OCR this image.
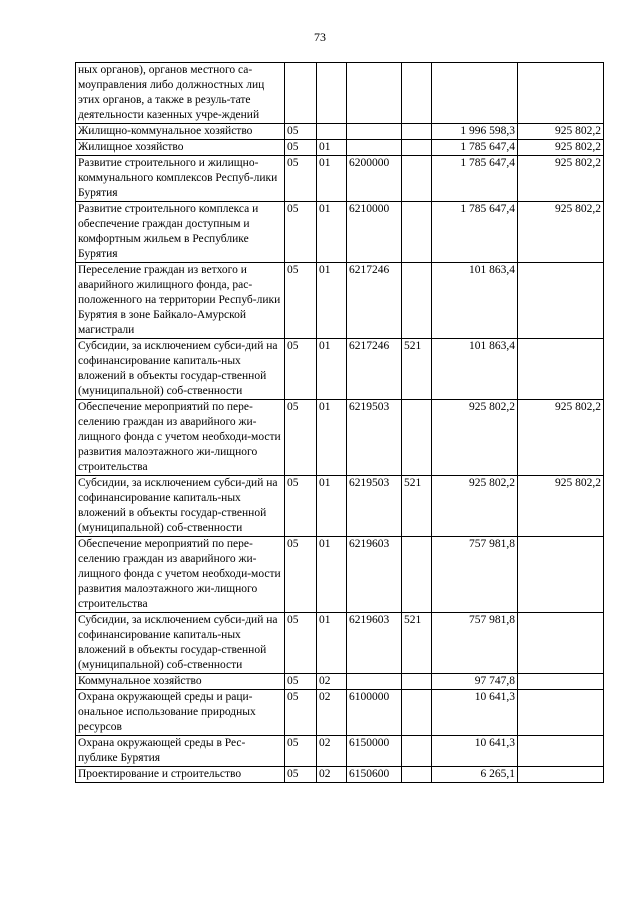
73
ных органов), органов местного са-моуправления либо должностных лиц этих органов, а также в резуль-тате деятельности казенных учре-ждений						
Жилищно-коммунальное хозяйство	05				1 996 598,3	925 802,2
Жилищное хозяйство	05	01			1 785 647,4	925 802,2
Развитие строительного и жилищно-коммунального комплексов Респуб-лики Бурятия	05	01	6200000		1 785 647,4	925 802,2
Развитие строительного комплекса и обеспечение граждан доступным и комфортным жильем в Республике Бурятия	05	01	6210000		1 785 647,4	925 802,2
Переселение граждан из ветхого и аварийного жилищного фонда, рас-положенного на территории Респуб-лики Бурятия в зоне Байкало-Амурской магистрали	05	01	6217246		101 863,4	
Субсидии, за исключением субси-дий на софинансирование капиталь-ных вложений в объекты государ-ственной (муниципальной) соб-ственности	05	01	6217246	521	101 863,4	
Обеспечение мероприятий по пере-селению граждан из аварийного жи-лищного фонда с учетом необходи-мости развития малоэтажного жи-лищного строительства	05	01	6219503		925 802,2	925 802,2
Субсидии, за исключением субси-дий на софинансирование капиталь-ных вложений в объекты государ-ственной (муниципальной) соб-ственности	05	01	6219503	521	925 802,2	925 802,2
Обеспечение мероприятий по пере-селению граждан из аварийного жи-лищного фонда с учетом необходи-мости развития малоэтажного жи-лищного строительства	05	01	6219603		757 981,8	
Субсидии, за исключением субси-дий на софинансирование капиталь-ных вложений в объекты государ-ственной (муниципальной) соб-ственности	05	01	6219603	521	757 981,8	
Коммунальное хозяйство	05	02			97 747,8	
Охрана окружающей среды и раци-ональное использование природных ресурсов	05	02	6100000		10 641,3	
Охрана окружающей среды в Рес-публике Бурятия	05	02	6150000		10 641,3	
Проектирование и строительство	05	02	6150600		6 265,1	
